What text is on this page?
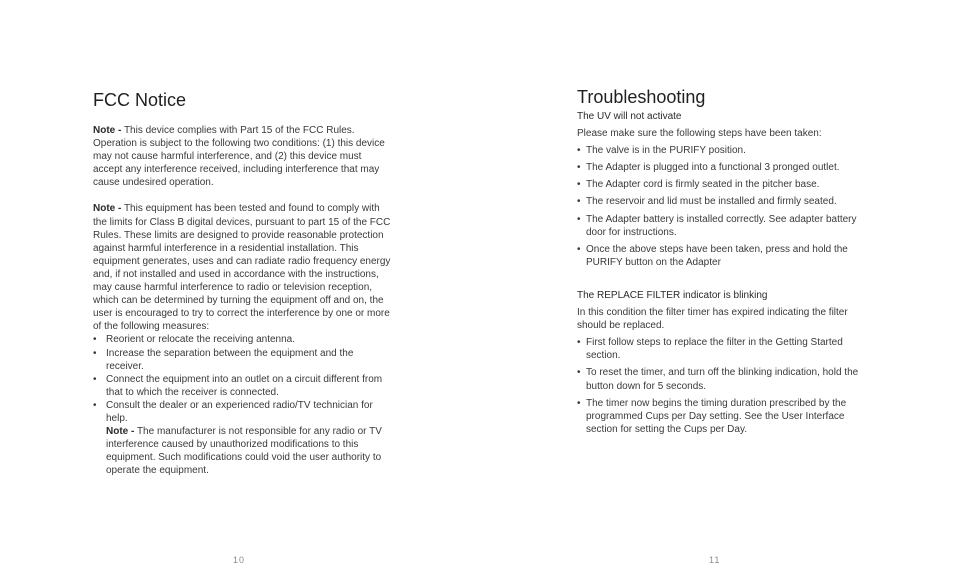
FCC Notice

Note - This device complies with Part 15 of the FCC Rules. Operation is subject to the following two conditions: (1) this device may not cause harmful interference, and (2) this device must accept any interference received, including interference that may cause undesired operation.

Note - This equipment has been tested and found to comply with the limits for Class B digital devices, pursuant to part 15 of the FCC Rules. These limits are designed to provide reasonable protection against harmful interference in a residential installation. This equipment generates, uses and can radiate radio frequency energy and, if not installed and used in accordance with the instructions, may cause harmful interference to radio or television reception, which can be determined by turning the equipment off and on, the user is encouraged to try to correct the interference by one or more of the following measures:

• Reorient or relocate the receiving antenna.
• Increase the separation between the equipment and the receiver.
• Connect the equipment into an outlet on a circuit different from that to which the receiver is connected.
• Consult the dealer or an experienced radio/TV technician for help.

Note - The manufacturer is not responsible for any radio or TV interference caused by unauthorized modifications to this equipment. Such modifications could void the user authority to operate the equipment.

10
Troubleshooting

The UV will not activate

Please make sure the following steps have been taken:

• The valve is in the PURIFY position.
• The Adapter is plugged into a functional 3 pronged outlet.
• The Adapter cord is firmly seated in the pitcher base.
• The reservoir and lid must be installed and firmly seated.
• The Adapter battery is installed correctly. See adapter battery door for instructions.
• Once the above steps have been taken, press and hold the PURIFY button on the Adapter

The REPLACE FILTER indicator is blinking

In this condition the filter timer has expired indicating the filter should be replaced.

• First follow steps to replace the filter in the Getting Started section.
• To reset the timer, and turn off the blinking indication, hold the button down for 5 seconds.
• The timer now begins the timing duration prescribed by the programmed Cups per Day setting. See the User Interface section for setting the Cups per Day.
11
